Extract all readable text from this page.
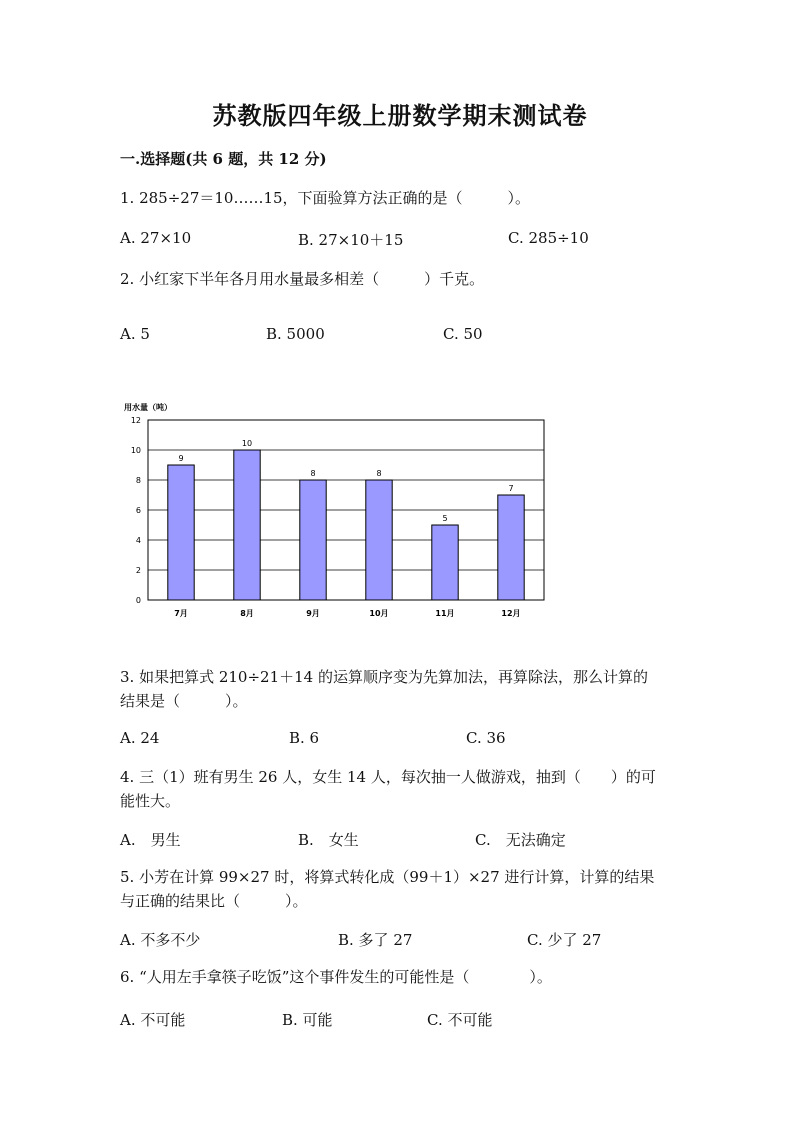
苏教版四年级上册数学期末测试卷
一.选择题(共 6 题，共 12 分)
1. 285÷27＝10……15，下面验算方法正确的是（　　　）。
A. 27×10	B. 27×10＋15	C. 285÷10
2. 小红家下半年各月用水量最多相差（　　　）千克。
A. 5	B. 5000	C. 50
用水量（吨）
0
2
4
6
8
10
12
9
10
8	8
5
7
7月	8月	9月	10月	11月	12月
3. 如果把算式 210÷21＋14 的运算顺序变为先算加法，再算除法，那么计算的
结果是（　　　）。
A. 24	B. 6	C. 36
4. 三（1）班有男生 26 人，女生 14 人，每次抽一人做游戏，抽到（　　）的可
能性大。
A.　男生	B.　女生	C.　无法确定
5. 小芳在计算 99×27 时，将算式转化成（99＋1）×27 进行计算，计算的结果
与正确的结果比（　　　）。
A. 不多不少	B. 多了 27	C. 少了 27
6. “人用左手拿筷子吃饭”这个事件发生的可能性是（　　　　）。
A. 不可能	B. 可能	C. 不可能
